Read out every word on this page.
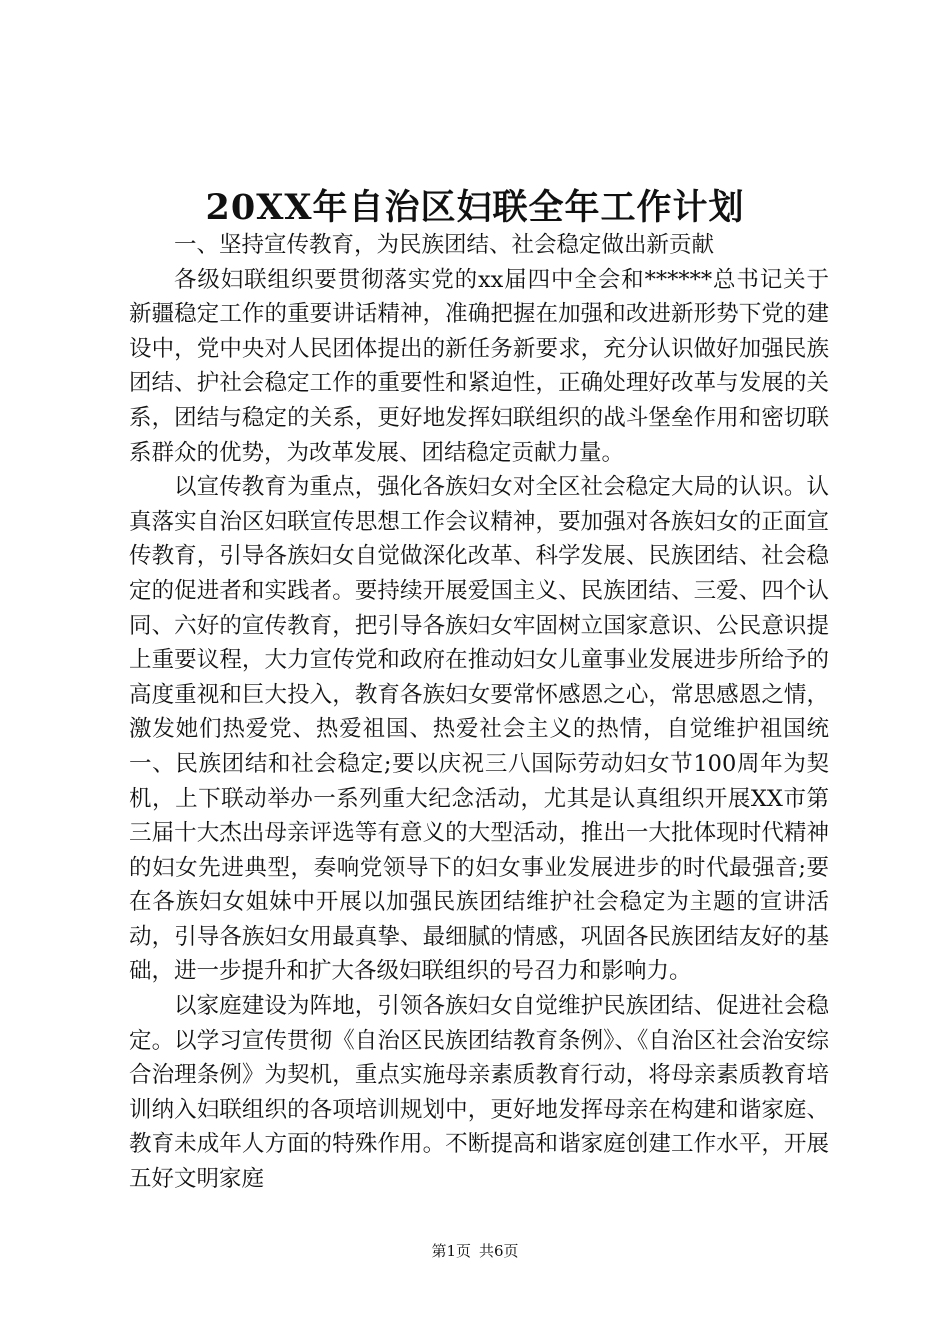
20XX年自治区妇联全年工作计划

一、坚持宣传教育，为民族团结、社会稳定做出新贡献

各级妇联组织要贯彻落实党的xx届四中全会和******总书记关于新疆稳定工作的重要讲话精神，准确把握在加强和改进新形势下党的建设中，党中央对人民团体提出的新任务新要求，充分认识做好加强民族团结、护社会稳定工作的重要性和紧迫性，正确处理好改革与发展的关系，团结与稳定的关系，更好地发挥妇联组织的战斗堡垒作用和密切联系群众的优势，为改革发展、团结稳定贡献力量。

以宣传教育为重点，强化各族妇女对全区社会稳定大局的认识。认真落实自治区妇联宣传思想工作会议精神，要加强对各族妇女的正面宣传教育，引导各族妇女自觉做深化改革、科学发展、民族团结、社会稳定的促进者和实践者。要持续开展爱国主义、民族团结、三爱、四个认同、六好的宣传教育，把引导各族妇女牢固树立国家意识、公民意识提上重要议程，大力宣传党和政府在推动妇女儿童事业发展进步所给予的高度重视和巨大投入，教育各族妇女要常怀感恩之心，常思感恩之情，激发她们热爱党、热爱祖国、热爱社会主义的热情，自觉维护祖国统一、民族团结和社会稳定;要以庆祝三八国际劳动妇女节100周年为契机，上下联动举办一系列重大纪念活动，尤其是认真组织开展XX市第三届十大杰出母亲评选等有意义的大型活动，推出一大批体现时代精神的妇女先进典型，奏响党领导下的妇女事业发展进步的时代最强音;要在各族妇女姐妹中开展以加强民族团结维护社会稳定为主题的宣讲活动，引导各族妇女用最真挚、最细腻的情感，巩固各民族团结友好的基础，进一步提升和扩大各级妇联组织的号召力和影响力。

以家庭建设为阵地，引领各族妇女自觉维护民族团结、促进社会稳定。以学习宣传贯彻《自治区民族团结教育条例》、《自治区社会治安综合治理条例》为契机，重点实施母亲素质教育行动，将母亲素质教育培训纳入妇联组织的各项培训规划中，更好地发挥母亲在构建和谐家庭、教育未成年人方面的特殊作用。不断提高和谐家庭创建工作水平，开展五好文明家庭

第1页 共6页
